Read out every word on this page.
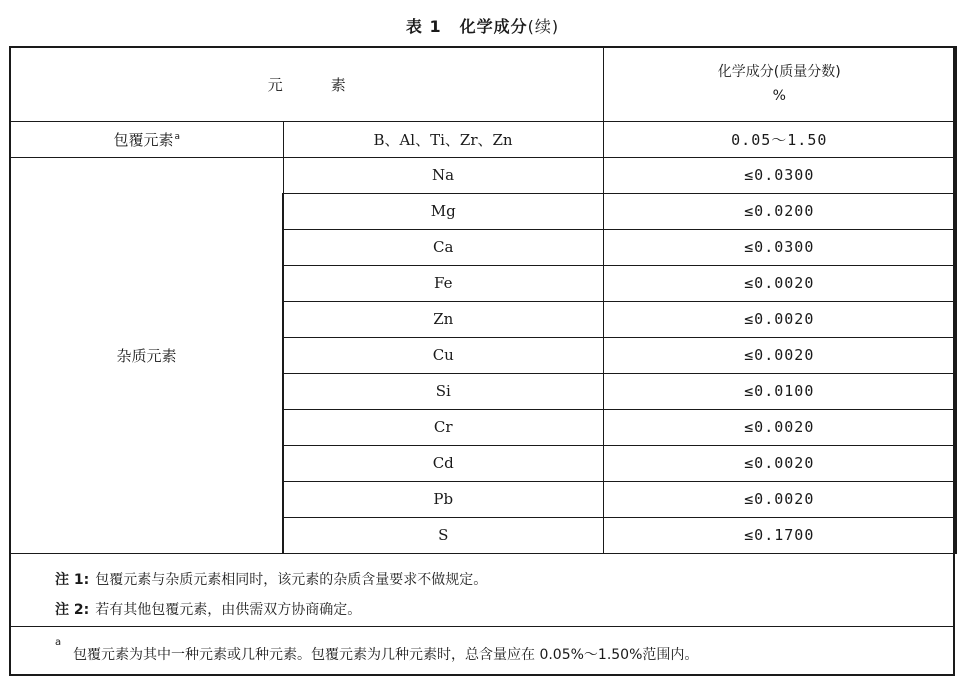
表 1 化学成分(续)
元素		化学成分(质量分数)
%

包覆元素$^a$	B、Al、Ti、Zr、Zn	0.05～1.50
杂质元素	Na	≤0.0300
	Mg	≤0.0200
	Ca	≤0.0300
	Fe	≤0.0020
	Zn	≤0.0020
	Cu	≤0.0020
	Si	≤0.0100
	Cr	≤0.0020
	Cd	≤0.0020
	Pb	≤0.0020
	S	≤0.1700
注 1: 包覆元素与杂质元素相同时，该元素的杂质含量要求不做规定。
注 2: 若有其他包覆元素，由供需双方协商确定。
a
包覆元素为其中一种元素或几种元素。包覆元素为几种元素时，总含量应在 0.05%～1.50%范围内。
